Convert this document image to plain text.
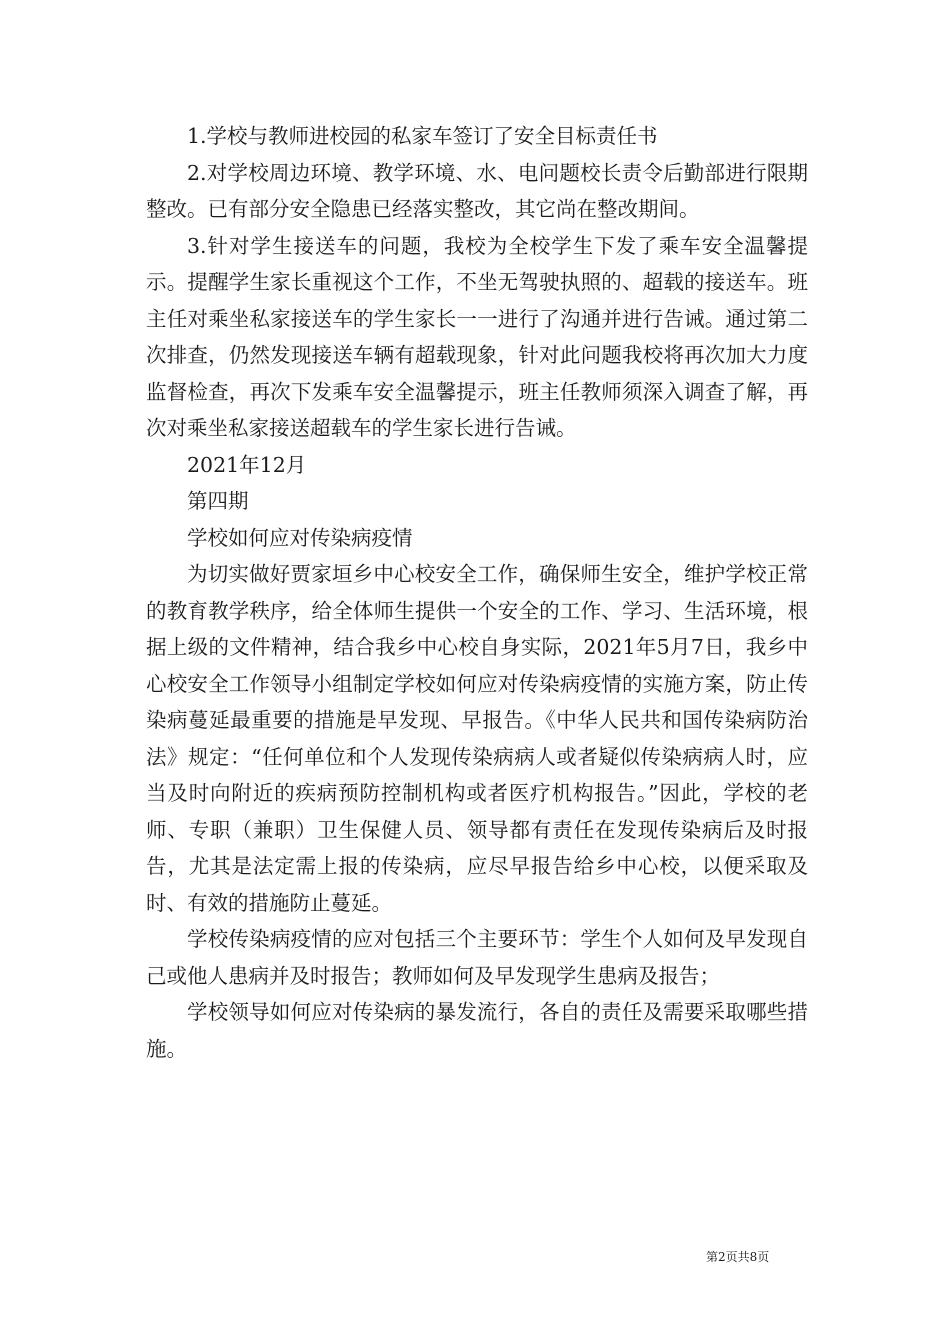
1.学校与教师进校园的私家车签订了安全目标责任书

2.对学校周边环境、教学环境、水、电问题校长责令后勤部进行限期整改。已有部分安全隐患已经落实整改，其它尚在整改期间。

3.针对学生接送车的问题，我校为全校学生下发了乘车安全温馨提示。提醒学生家长重视这个工作，不坐无驾驶执照的、超载的接送车。班主任对乘坐私家接送车的学生家长一一进行了沟通并进行告诫。通过第二次排查，仍然发现接送车辆有超载现象，针对此问题我校将再次加大力度监督检查，再次下发乘车安全温馨提示，班主任教师须深入调查了解，再次对乘坐私家接送超载车的学生家长进行告诫。

2021年12月

第四期

学校如何应对传染病疫情

为切实做好贾家垣乡中心校安全工作，确保师生安全，维护学校正常的教育教学秩序，给全体师生提供一个安全的工作、学习、生活环境，根据上级的文件精神，结合我乡中心校自身实际，2021年5月7日，我乡中心校安全工作领导小组制定学校如何应对传染病疫情的实施方案，防止传染病蔓延最重要的措施是早发现、早报告。《中华人民共和国传染病防治法》规定：“任何单位和个人发现传染病病人或者疑似传染病病人时，应当及时向附近的疾病预防控制机构或者医疗机构报告。”因此，学校的老师、专职（兼职）卫生保健人员、领导都有责任在发现传染病后及时报告，尤其是法定需上报的传染病，应尽早报告给乡中心校，以便采取及时、有效的措施防止蔓延。

学校传染病疫情的应对包括三个主要环节：学生个人如何及早发现自己或他人患病并及时报告；教师如何及早发现学生患病及报告；

学校领导如何应对传染病的暴发流行，各自的责任及需要采取哪些措施。

第2页共8页
